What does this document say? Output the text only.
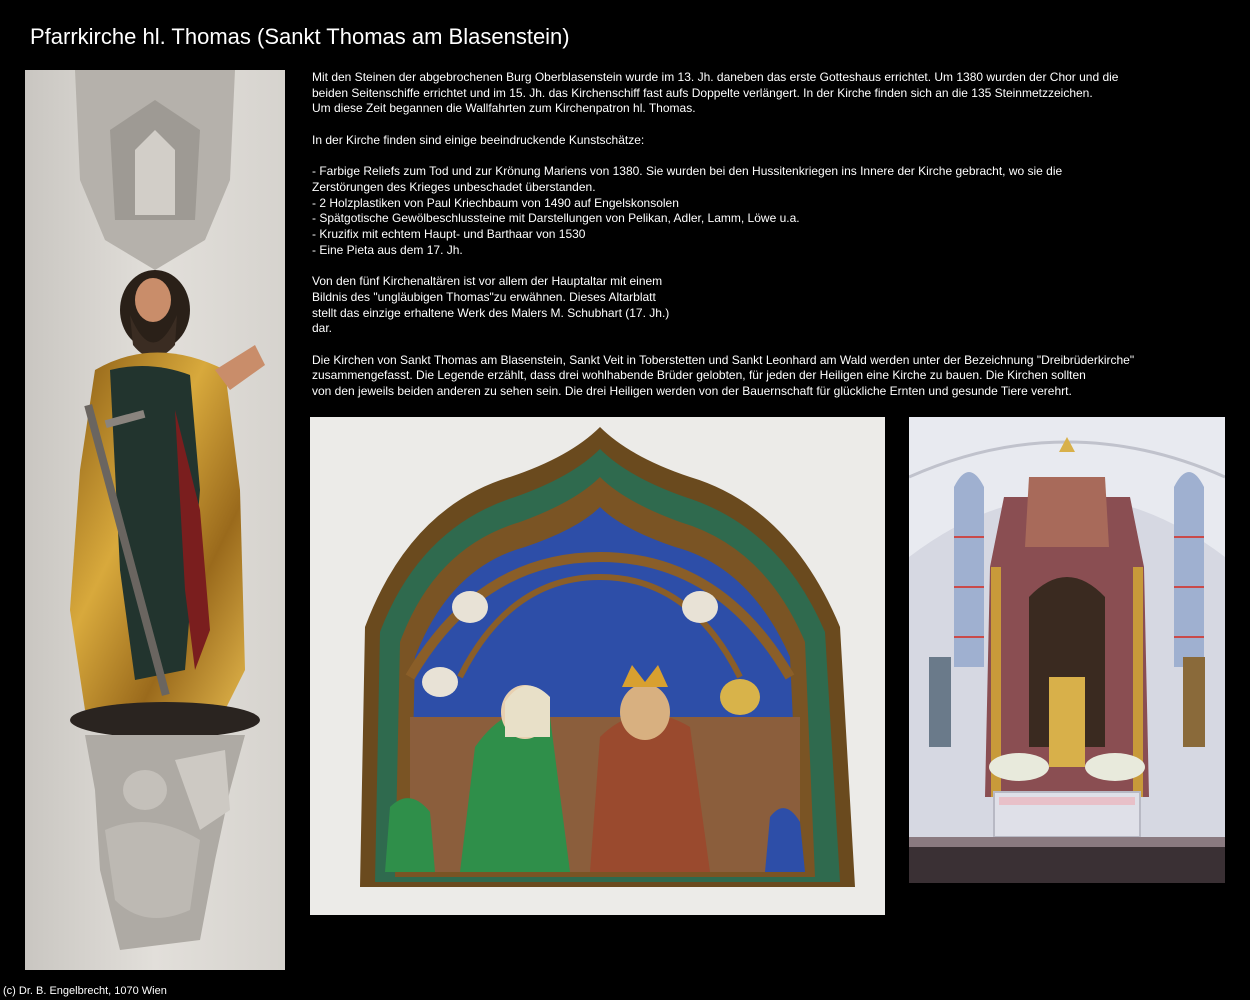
Pfarrkirche hl. Thomas (Sankt Thomas am Blasenstein)

Mit den Steinen der abgebrochenen Burg Oberblasenstein wurde im 13. Jh. daneben das erste Gotteshaus errichtet. Um 1380 wurden der Chor und die
beiden Seitenschiffe errichtet und im 15. Jh. das Kirchenschiff fast aufs Doppelte verlängert. In der Kirche finden sich an die 135 Steinmetzzeichen.
Um diese Zeit begannen die Wallfahrten zum Kirchenpatron hl. Thomas.

In der Kirche finden sind einige beeindruckende Kunstschätze:

- Farbige Reliefs zum Tod und zur Krönung Mariens von 1380. Sie wurden bei den Hussitenkriegen ins Innere der Kirche gebracht, wo sie die
Zerstörungen des Krieges unbeschadet überstanden.
- 2 Holzplastiken von Paul Kriechbaum von 1490 auf Engelskonsolen
- Spätgotische Gewölbeschlussteine mit Darstellungen von Pelikan, Adler, Lamm, Löwe u.a.
- Kruzifix mit echtem Haupt- und Barthaar von 1530
- Eine Pieta aus dem 17. Jh.

Von den fünf Kirchenaltären ist vor allem der Hauptaltar mit einem
Bildnis des "ungläubigen Thomas"zu erwähnen. Dieses Altarblatt
stellt das einzige erhaltene Werk des Malers M. Schubhart (17. Jh.)
dar.

Die Kirchen von Sankt Thomas am Blasenstein, Sankt Veit in Toberstetten und Sankt Leonhard am Wald werden unter der Bezeichnung "Dreibrüderkirche"
zusammengefasst. Die Legende erzählt, dass drei wohlhabende Brüder gelobten, für jeden der Heiligen eine Kirche zu bauen. Die Kirchen sollten
von den jeweils beiden anderen zu sehen sein. Die drei Heiligen werden von der Bauernschaft für glückliche Ernten und gesunde Tiere verehrt.

(c) Dr. B. Engelbrecht, 1070 Wien
